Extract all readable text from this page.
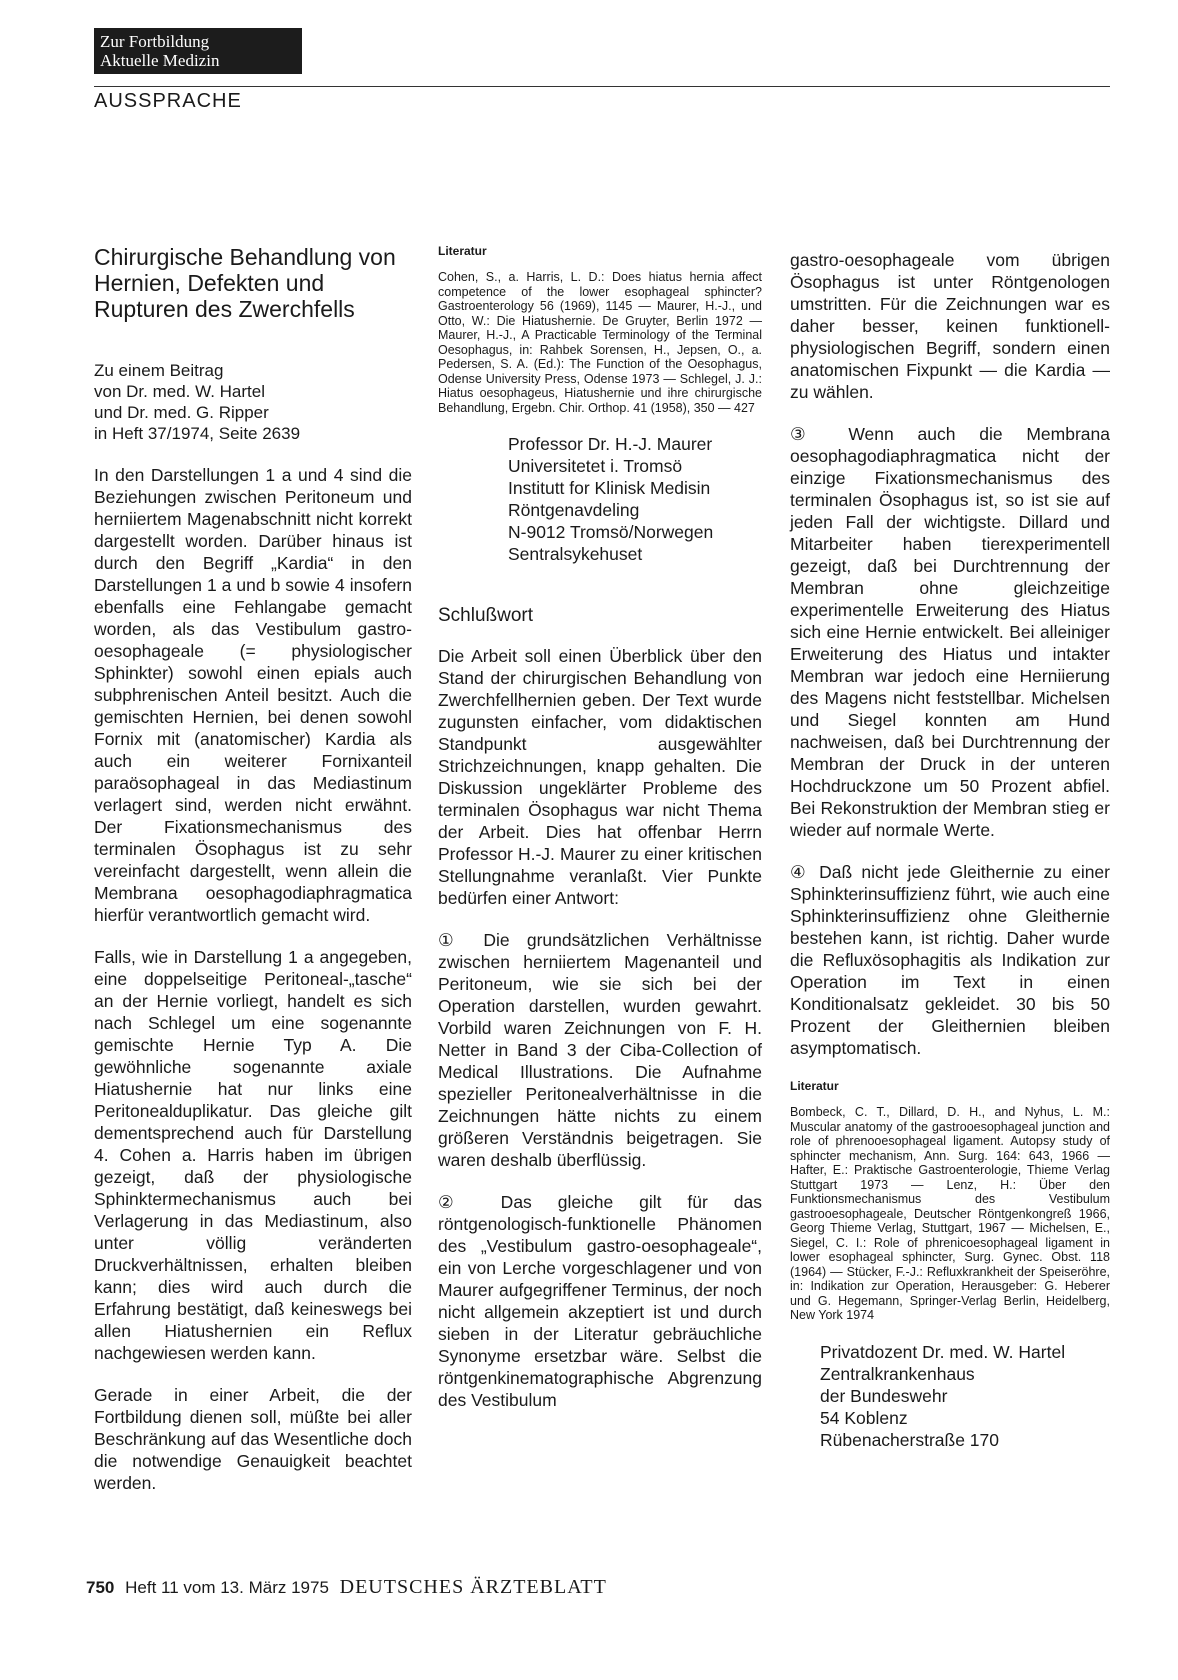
Zur Fortbildung
Aktuelle Medizin
AUSSPRACHE
Chirurgische Behandlung von Hernien, Defekten und Rupturen des Zwerchfells
Zu einem Beitrag
von Dr. med. W. Hartel
und Dr. med. G. Ripper
in Heft 37/1974, Seite 2639

In den Darstellungen 1 a und 4 sind die Beziehungen zwischen Peritoneum und herniiertem Magenabschnitt nicht korrekt dargestellt worden. Darüber hinaus ist durch den Begriff „Kardia“ in den Darstellungen 1 a und b sowie 4 insofern ebenfalls eine Fehlangabe gemacht worden, als das Vestibulum gastro-oesophageale (= physiologischer Sphinkter) sowohl einen epials auch subphrenischen Anteil besitzt. Auch die gemischten Hernien, bei denen sowohl Fornix mit (anatomischer) Kardia als auch ein weiterer Fornixanteil paraösophageal in das Mediastinum verlagert sind, werden nicht erwähnt. Der Fixationsmechanismus des terminalen Ösophagus ist zu sehr vereinfacht dargestellt, wenn allein die Membrana oesophagodiaphragmatica hierfür verantwortlich gemacht wird.

Falls, wie in Darstellung 1 a angegeben, eine doppelseitige Peritoneal-„tasche“ an der Hernie vorliegt, handelt es sich nach Schlegel um eine sogenannte gemischte Hernie Typ A. Die gewöhnliche sogenannte axiale Hiatushernie hat nur links eine Peritonealduplikatur. Das gleiche gilt dementsprechend auch für Darstellung 4. Cohen a. Harris haben im übrigen gezeigt, daß der physiologische Sphinktermechanismus auch bei Verlagerung in das Mediastinum, also unter völlig veränderten Druckverhältnissen, erhalten bleiben kann; dies wird auch durch die Erfahrung bestätigt, daß keineswegs bei allen Hiatushernien ein Reflux nachgewiesen werden kann.

Gerade in einer Arbeit, die der Fortbildung dienen soll, müßte bei aller Beschränkung auf das Wesentliche doch die notwendige Genauigkeit beachtet werden.

Literatur
Cohen, S., a. Harris, L. D.: Does hiatus hernia affect competence of the lower esophageal sphincter? Gastroenterology 56 (1969), 1145 — Maurer, H.-J., und Otto, W.: Die Hiatushernie. De Gruyter, Berlin 1972 — Maurer, H.-J., A Practicable Terminology of the Terminal Oesophagus, in: Rahbek Sorensen, H., Jepsen, O., a. Pedersen, S. A. (Ed.): The Function of the Oesophagus, Odense University Press, Odense 1973 — Schlegel, J. J.: Hiatus oesophageus, Hiatushernie und ihre chirurgische Behandlung, Ergebn. Chir. Orthop. 41 (1958), 350 — 427
Professor Dr. H.-J. Maurer
Universitetet i. Tromsö
Institutt for Klinisk Medisin
Röntgenavdeling
N-9012 Tromsö/Norwegen
Sentralsykehuset
Schlußwort

Die Arbeit soll einen Überblick über den Stand der chirurgischen Behandlung von Zwerchfellhernien geben. Der Text wurde zugunsten einfacher, vom didaktischen Standpunkt ausgewählter Strichzeichnungen, knapp gehalten. Die Diskussion ungeklärter Probleme des terminalen Ösophagus war nicht Thema der Arbeit. Dies hat offenbar Herrn Professor H.-J. Maurer zu einer kritischen Stellungnahme veranlaßt. Vier Punkte bedürfen einer Antwort:

① Die grundsätzlichen Verhältnisse zwischen herniiertem Magenanteil und Peritoneum, wie sie sich bei der Operation darstellen, wurden gewahrt. Vorbild waren Zeichnungen von F. H. Netter in Band 3 der Ciba-Collection of Medical Illustrations. Die Aufnahme spezieller Peritonealverhältnisse in die Zeichnungen hätte nichts zu einem größeren Verständnis beigetragen. Sie waren deshalb überflüssig.

② Das gleiche gilt für das röntgenologisch-funktionelle Phänomen des „Vestibulum gastro-oesophageale“, ein von Lerche vorgeschlagener und von Maurer aufgegriffener Terminus, der noch nicht allgemein akzeptiert ist und durch sieben in der Literatur gebräuchliche Synonyme ersetzbar wäre. Selbst die röntgenkinematographische Abgrenzung des Vestibulum

gastro-oesophageale vom übrigen Ösophagus ist unter Röntgenologen umstritten. Für die Zeichnungen war es daher besser, keinen funktionell-physiologischen Begriff, sondern einen anatomischen Fixpunkt — die Kardia — zu wählen.

③ Wenn auch die Membrana oesophagodiaphragmatica nicht der einzige Fixationsmechanismus des terminalen Ösophagus ist, so ist sie auf jeden Fall der wichtigste. Dillard und Mitarbeiter haben tierexperimentell gezeigt, daß bei Durchtrennung der Membran ohne gleichzeitige experimentelle Erweiterung des Hiatus sich eine Hernie entwickelt. Bei alleiniger Erweiterung des Hiatus und intakter Membran war jedoch eine Herniierung des Magens nicht feststellbar. Michelsen und Siegel konnten am Hund nachweisen, daß bei Durchtrennung der Membran der Druck in der unteren Hochdruckzone um 50 Prozent abfiel. Bei Rekonstruktion der Membran stieg er wieder auf normale Werte.

④ Daß nicht jede Gleithernie zu einer Sphinkterinsuffizienz führt, wie auch eine Sphinkterinsuffizienz ohne Gleithernie bestehen kann, ist richtig. Daher wurde die Refluxösophagitis als Indikation zur Operation im Text in einen Konditionalsatz gekleidet. 30 bis 50 Prozent der Gleithernien bleiben asymptomatisch.

Literatur
Bombeck, C. T., Dillard, D. H., and Nyhus, L. M.: Muscular anatomy of the gastrooesophageal junction and role of phrenooesophageal ligament. Autopsy study of sphincter mechanism, Ann. Surg. 164: 643, 1966 — Hafter, E.: Praktische Gastroenterologie, Thieme Verlag Stuttgart 1973 — Lenz, H.: Über den Funktionsmechanismus des Vestibulum gastrooesophageale, Deutscher Röntgenkongreß 1966, Georg Thieme Verlag, Stuttgart, 1967 — Michelsen, E., Siegel, C. I.: Role of phrenicoesophageal ligament in lower esophageal sphincter, Surg. Gynec. Obst. 118 (1964) — Stücker, F.-J.: Refluxkrankheit der Speiseröhre, in: Indikation zur Operation, Herausgeber: G. Heberer und G. Hegemann, Springer-Verlag Berlin, Heidelberg, New York 1974
Privatdozent Dr. med. W. Hartel
Zentralkrankenhaus
der Bundeswehr
54 Koblenz
Rübenacherstraße 170
750 Heft 11 vom 13. März 1975 DEUTSCHES ÄRZTEBLATT
